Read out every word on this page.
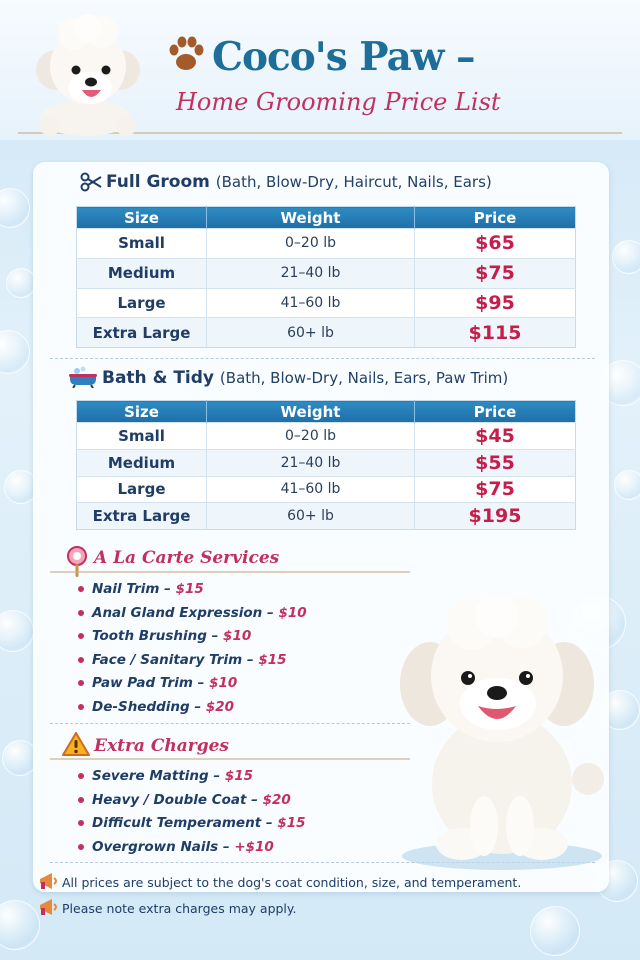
Coco's Paw –
Home Grooming Price List
Full Groom (Bath, Blow-Dry, Haircut, Nails, Ears)
Size	Weight	Price
Small	0–20 lb	$65
Medium	21–40 lb	$75
Large	41–60 lb	$95
Extra Large	60+ lb	$115
Bath & Tidy (Bath, Blow-Dry, Nails, Ears, Paw Trim)
Size	Weight	Price
Small	0–20 lb	$45
Medium	21–40 lb	$55
Large	41–60 lb	$75
Extra Large	60+ lb	$195
A La Carte Services
Nail Trim – $15
Anal Gland Expression – $10
Tooth Brushing – $10
Face / Sanitary Trim – $15
Paw Pad Trim – $10
De-Shedding – $20
Extra Charges
Severe Matting – $15
Heavy / Double Coat – $20
Difficult Temperament – $15
Overgrown Nails – +$10
All prices are subject to the dog's coat condition, size, and temperament.
Please note extra charges may apply.
